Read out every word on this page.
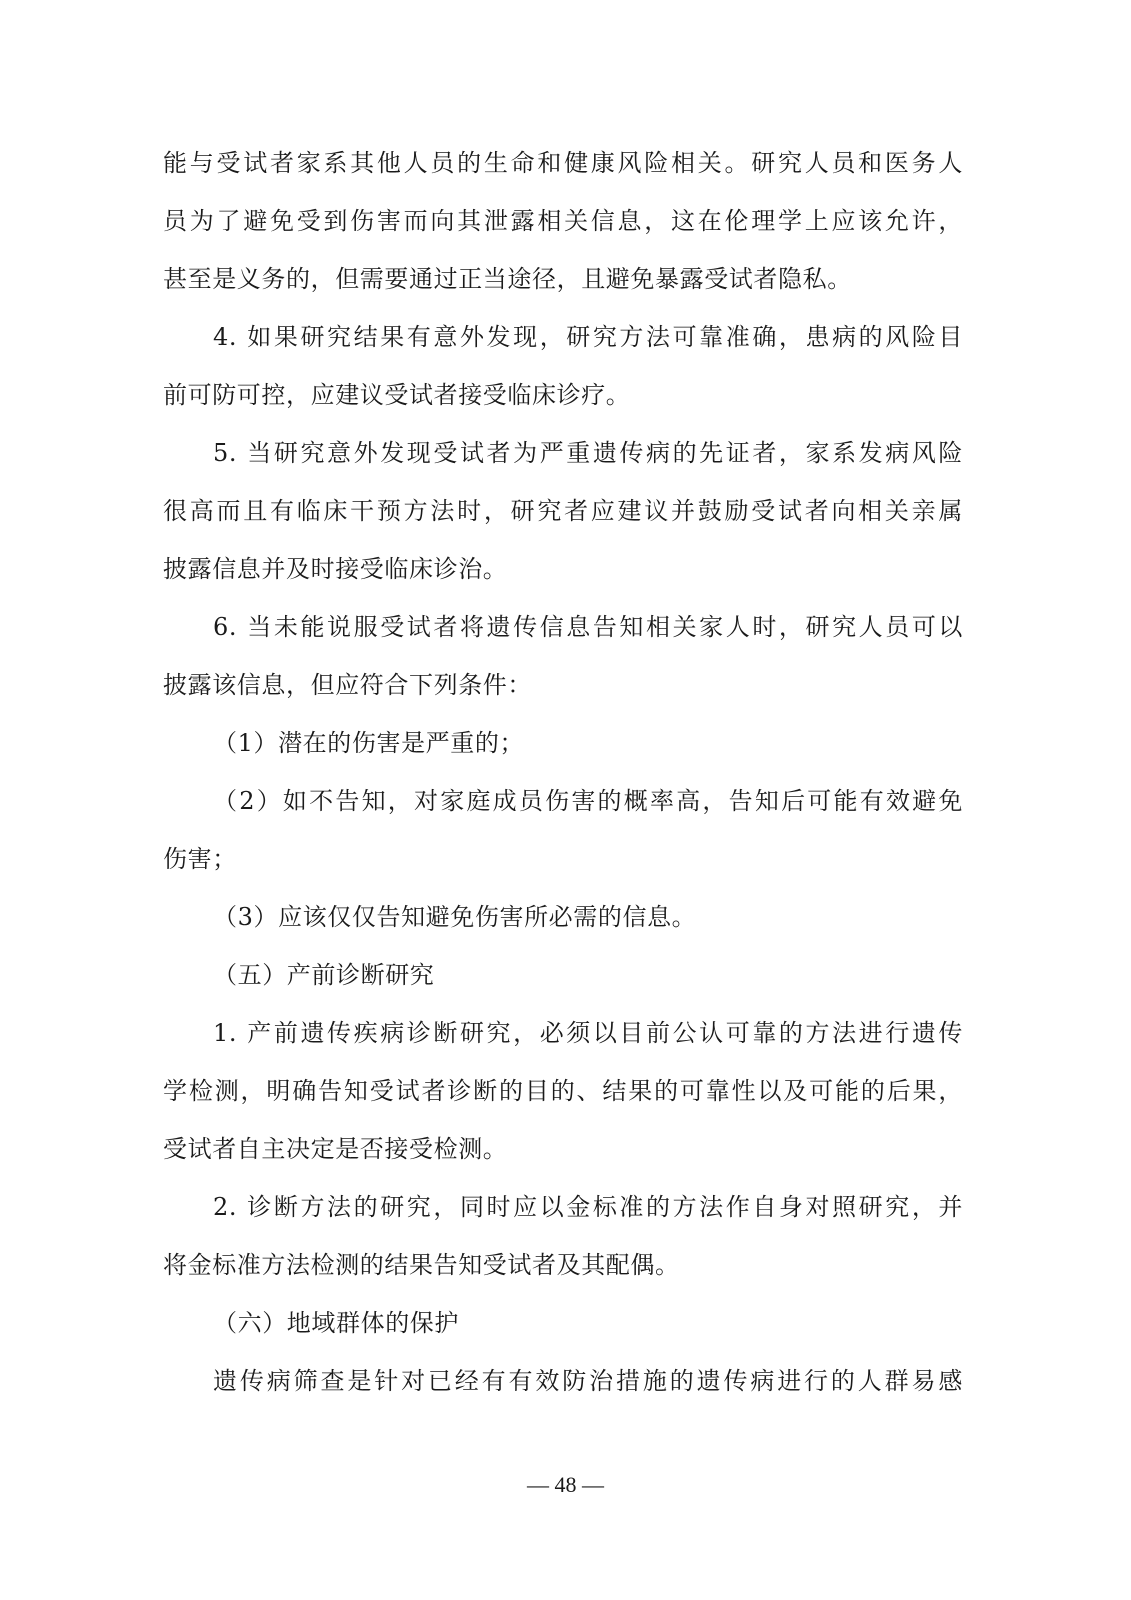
能与受试者家系其他人员的生命和健康风险相关。研究人员和医务人
员为了避免受到伤害而向其泄露相关信息，这在伦理学上应该允许，
甚至是义务的，但需要通过正当途径，且避免暴露受试者隐私。
4. 如果研究结果有意外发现，研究方法可靠准确，患病的风险目
前可防可控，应建议受试者接受临床诊疗。
5. 当研究意外发现受试者为严重遗传病的先证者，家系发病风险
很高而且有临床干预方法时，研究者应建议并鼓励受试者向相关亲属
披露信息并及时接受临床诊治。
6. 当未能说服受试者将遗传信息告知相关家人时，研究人员可以
披露该信息，但应符合下列条件：
（1）潜在的伤害是严重的；
（2）如不告知，对家庭成员伤害的概率高，告知后可能有效避免
伤害；
（3）应该仅仅告知避免伤害所必需的信息。
（五）产前诊断研究
1. 产前遗传疾病诊断研究，必须以目前公认可靠的方法进行遗传
学检测，明确告知受试者诊断的目的、结果的可靠性以及可能的后果，
受试者自主决定是否接受检测。
2. 诊断方法的研究，同时应以金标准的方法作自身对照研究，并
将金标准方法检测的结果告知受试者及其配偶。
（六）地域群体的保护
遗传病筛查是针对已经有有效防治措施的遗传病进行的人群易感
— 48 —
